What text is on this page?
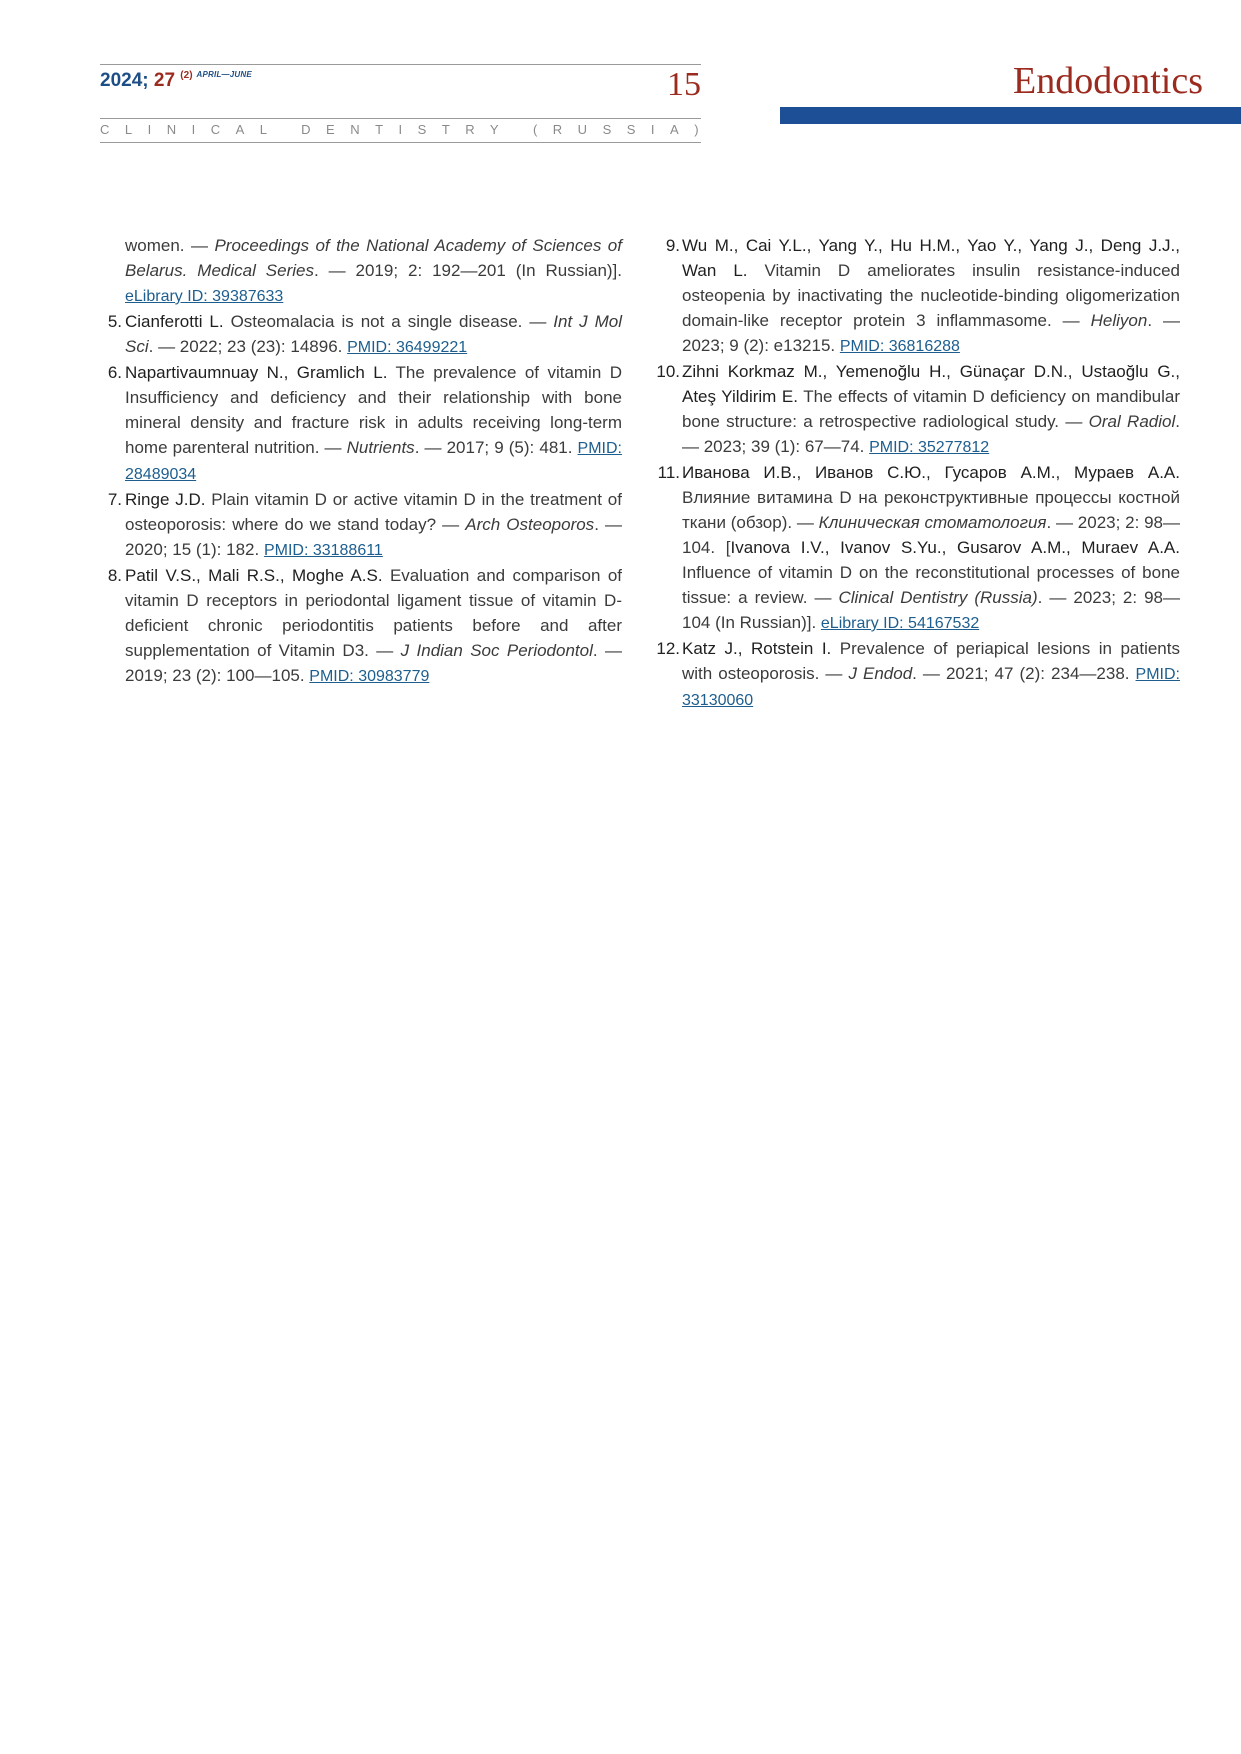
2024; 27 $^{(2)}$ $^{APRIL—JUNE}$	15
CLINICAL DENTISTRY (RUSSIA)
Endodontics
women. — Proceedings of the National Academy of Sciences of Belarus. Medical Series. — 2019; 2: 192—201 (In Russian)]. eLibrary ID: 39387633
5. Cianferotti L. Osteomalacia is not a single disease. — Int J Mol Sci. — 2022; 23 (23): 14896. PMID: 36499221
6. Napartivaumnuay N., Gramlich L. The prevalence of vitamin D Insufficiency and deficiency and their relationship with bone mineral density and fracture risk in adults receiving long-term home parenteral nutrition. — Nutrients. — 2017; 9 (5): 481. PMID: 28489034
7. Ringe J.D. Plain vitamin D or active vitamin D in the treatment of osteoporosis: where do we stand today? — Arch Osteoporos. — 2020; 15 (1): 182. PMID: 33188611
8. Patil V.S., Mali R.S., Moghe A.S. Evaluation and comparison of vitamin D receptors in periodontal ligament tissue of vitamin D-deficient chronic periodontitis patients before and after supplementation of Vitamin D3. — J Indian Soc Periodontol. — 2019; 23 (2): 100—105. PMID: 30983779
9. Wu M., Cai Y.L., Yang Y., Hu H.M., Yao Y., Yang J., Deng J.J., Wan L. Vitamin D ameliorates insulin resistance-induced osteopenia by inactivating the nucleotide-binding oligomerization domain-like receptor protein 3 inflammasome. — Heliyon. — 2023; 9 (2): e13215. PMID: 36816288
10. Zihni Korkmaz M., Yemenoğlu H., Günaçar D.N., Ustaoğlu G., Ateş Yildirim E. The effects of vitamin D deficiency on mandibular bone structure: a retrospective radiological study. — Oral Radiol. — 2023; 39 (1): 67—74. PMID: 35277812
11. Иванова И.В., Иванов С.Ю., Гусаров А.М., Мураев А.А. Влияние витамина D на реконструктивные процессы костной ткани (обзор). — Клиническая стоматология. — 2023; 2: 98—104. [Ivanova I.V., Ivanov S.Yu., Gusarov A.M., Muraev A.A. Influence of vitamin D on the reconstitutional processes of bone tissue: a review. — Clinical Dentistry (Russia). — 2023; 2: 98—104 (In Russian)]. eLibrary ID: 54167532
12. Katz J., Rotstein I. Prevalence of periapical lesions in patients with osteoporosis. — J Endod. — 2021; 47 (2): 234—238. PMID: 33130060
